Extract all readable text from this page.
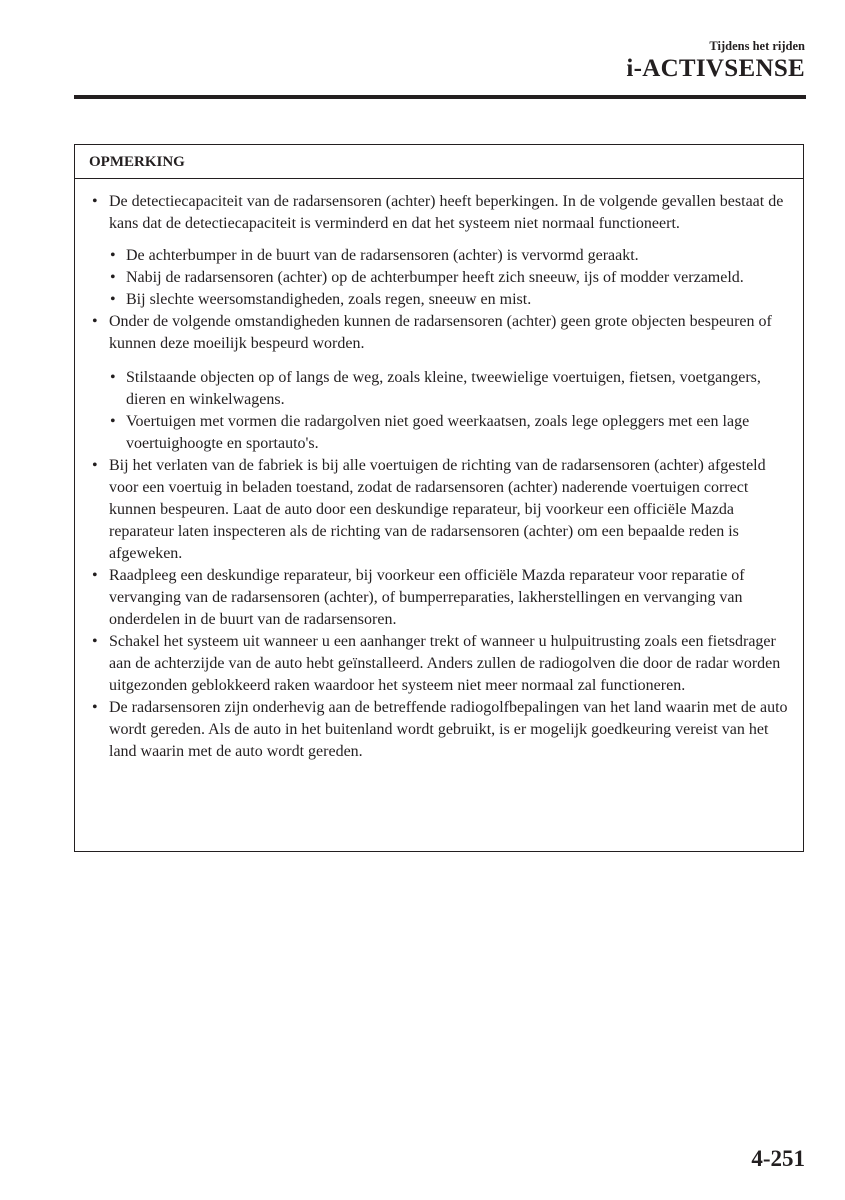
Tijdens het rijden
i-ACTIVSENSE
OPMERKING
• De detectiecapaciteit van de radarsensoren (achter) heeft beperkingen. In de volgende gevallen bestaat de kans dat de detectiecapaciteit is verminderd en dat het systeem niet normaal functioneert.
• De achterbumper in de buurt van de radarsensoren (achter) is vervormd geraakt.
• Nabij de radarsensoren (achter) op de achterbumper heeft zich sneeuw, ijs of modder verzameld.
• Bij slechte weersomstandigheden, zoals regen, sneeuw en mist.
• Onder de volgende omstandigheden kunnen de radarsensoren (achter) geen grote objecten bespeuren of kunnen deze moeilijk bespeurd worden.
• Stilstaande objecten op of langs de weg, zoals kleine, tweewielige voertuigen, fietsen, voetgangers, dieren en winkelwagens.
• Voertuigen met vormen die radargolven niet goed weerkaatsen, zoals lege opleggers met een lage voertuighoogte en sportauto's.
• Bij het verlaten van de fabriek is bij alle voertuigen de richting van de radarsensoren (achter) afgesteld voor een voertuig in beladen toestand, zodat de radarsensoren (achter) naderende voertuigen correct kunnen bespeuren. Laat de auto door een deskundige reparateur, bij voorkeur een officiële Mazda reparateur laten inspecteren als de richting van de radarsensoren (achter) om een bepaalde reden is afgeweken.
• Raadpleeg een deskundige reparateur, bij voorkeur een officiële Mazda reparateur voor reparatie of vervanging van de radarsensoren (achter), of bumperreparaties, lakherstellingen en vervanging van onderdelen in de buurt van de radarsensoren.
• Schakel het systeem uit wanneer u een aanhanger trekt of wanneer u hulpuitrusting zoals een fietsdrager aan de achterzijde van de auto hebt geïnstalleerd. Anders zullen de radiogolven die door de radar worden uitgezonden geblokkeerd raken waardoor het systeem niet meer normaal zal functioneren.
• De radarsensoren zijn onderhevig aan de betreffende radiogolfbepalingen van het land waarin met de auto wordt gereden. Als de auto in het buitenland wordt gebruikt, is er mogelijk goedkeuring vereist van het land waarin met de auto wordt gereden.
4-251
